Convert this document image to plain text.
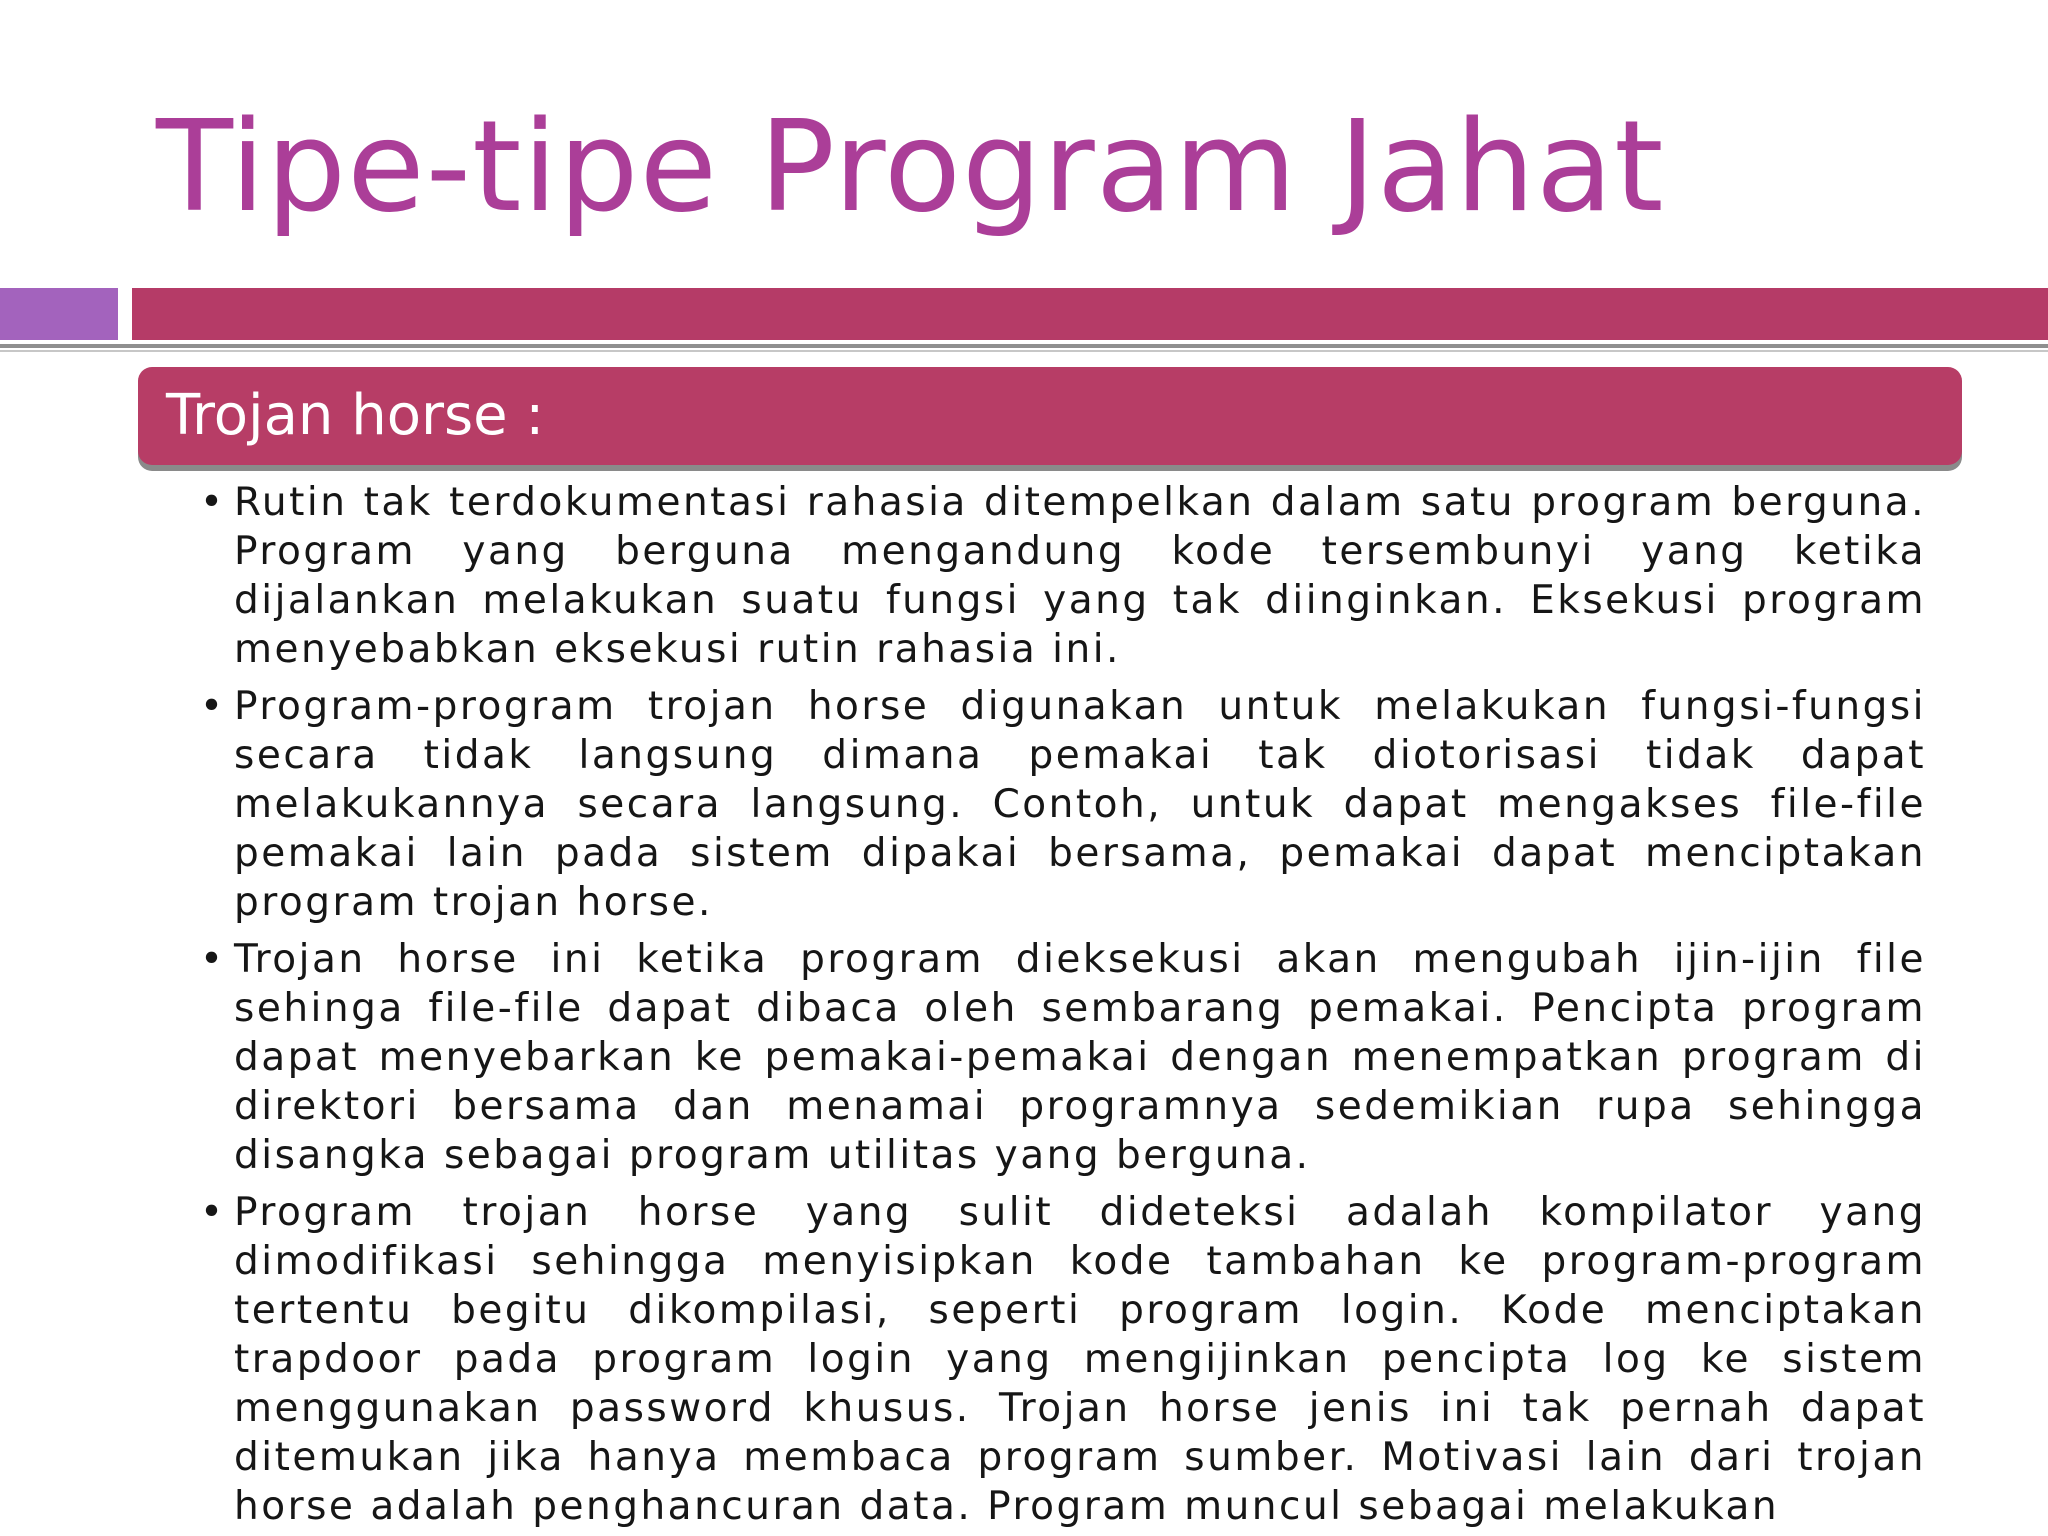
Tipe-tipe Program Jahat
Trojan horse :
• Rutin tak terdokumentasi rahasia ditempelkan dalam satu program berguna. Program yang berguna mengandung kode tersembunyi yang ketika dijalankan melakukan suatu fungsi yang tak diinginkan. Eksekusi program menyebabkan eksekusi rutin rahasia ini.
• Program-program trojan horse digunakan untuk melakukan fungsi-fungsi secara tidak langsung dimana pemakai tak diotorisasi tidak dapat melakukannya secara langsung. Contoh, untuk dapat mengakses file-file pemakai lain pada sistem dipakai bersama, pemakai dapat menciptakan program trojan horse.
• Trojan horse ini ketika program dieksekusi akan mengubah ijin-ijin file sehinga file-file dapat dibaca oleh sembarang pemakai. Pencipta program dapat menyebarkan ke pemakai-pemakai dengan menempatkan program di direktori bersama dan menamai programnya sedemikian rupa sehingga disangka sebagai program utilitas yang berguna.
• Program trojan horse yang sulit dideteksi adalah kompilator yang dimodifikasi sehingga menyisipkan kode tambahan ke program-program tertentu begitu dikompilasi, seperti program login. Kode menciptakan trapdoor pada program login yang mengijinkan pencipta log ke sistem menggunakan password khusus. Trojan horse jenis ini tak pernah dapat ditemukan jika hanya membaca program sumber. Motivasi lain dari trojan horse adalah penghancuran data. Program muncul sebagai melakukan
